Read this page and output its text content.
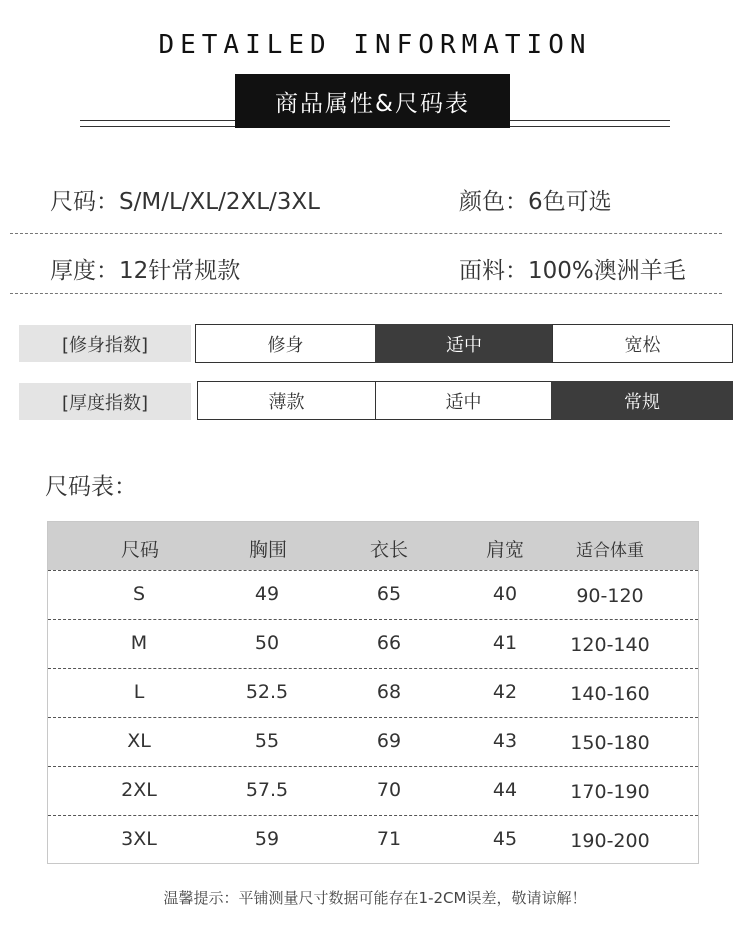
DETAILED INFORMATION
商品属性&尺码表
尺码：S/M/L/XL/2XL/3XL	颜色：6色可选
厚度：12针常规款	面料：100%澳洲羊毛
[修身指数]	修身	适中	宽松
[厚度指数]	薄款	适中	常规
尺码表：
尺码	胸围	衣长	肩宽	适合体重
S	49	65	40	90-120
M	50	66	41	120-140
L	52.5	68	42	140-160
XL	55	69	43	150-180
2XL	57.5	70	44	170-190
3XL	59	71	45	190-200
温馨提示：平铺测量尺寸数据可能存在1-2CM误差，敬请谅解！
